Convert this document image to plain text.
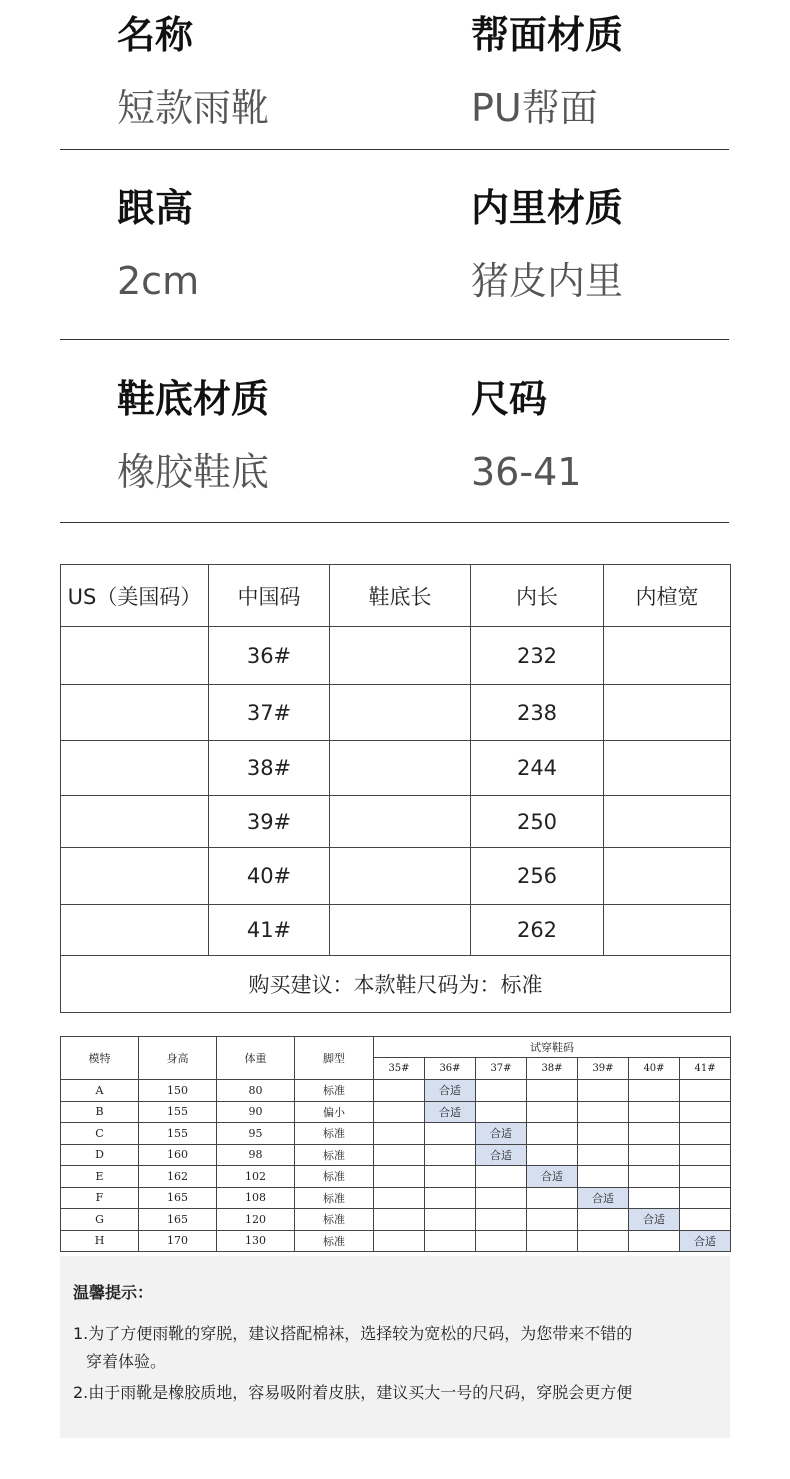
名称
短款雨靴
帮面材质
PU帮面
跟高
2cm
内里材质
猪皮内里
鞋底材质
橡胶鞋底
尺码
36-41
US（美国码）	中国码	鞋底长	内长	内楦宽
	36#		232	
	37#		238	
	38#		244	
	39#		250	
	40#		256	
	41#		262	
购买建议：本款鞋尺码为：标准				
模特	身高	体重	脚型	试穿鞋码						
				35#	36#	37#	38#	39#	40#	41#
A	150	80	标准		合适					
B	155	90	偏小		合适					
C	155	95	标准			合适				
D	160	98	标准			合适				
E	162	102	标准				合适			
F	165	108	标准					合适		
G	165	120	标准						合适	
H	170	130	标准							合适
温馨提示：
1.为了方便雨靴的穿脱，建议搭配棉袜，选择较为宽松的尺码，为您带来不错的
穿着体验。
2.由于雨靴是橡胶质地，容易吸附着皮肤，建议买大一号的尺码，穿脱会更方便
